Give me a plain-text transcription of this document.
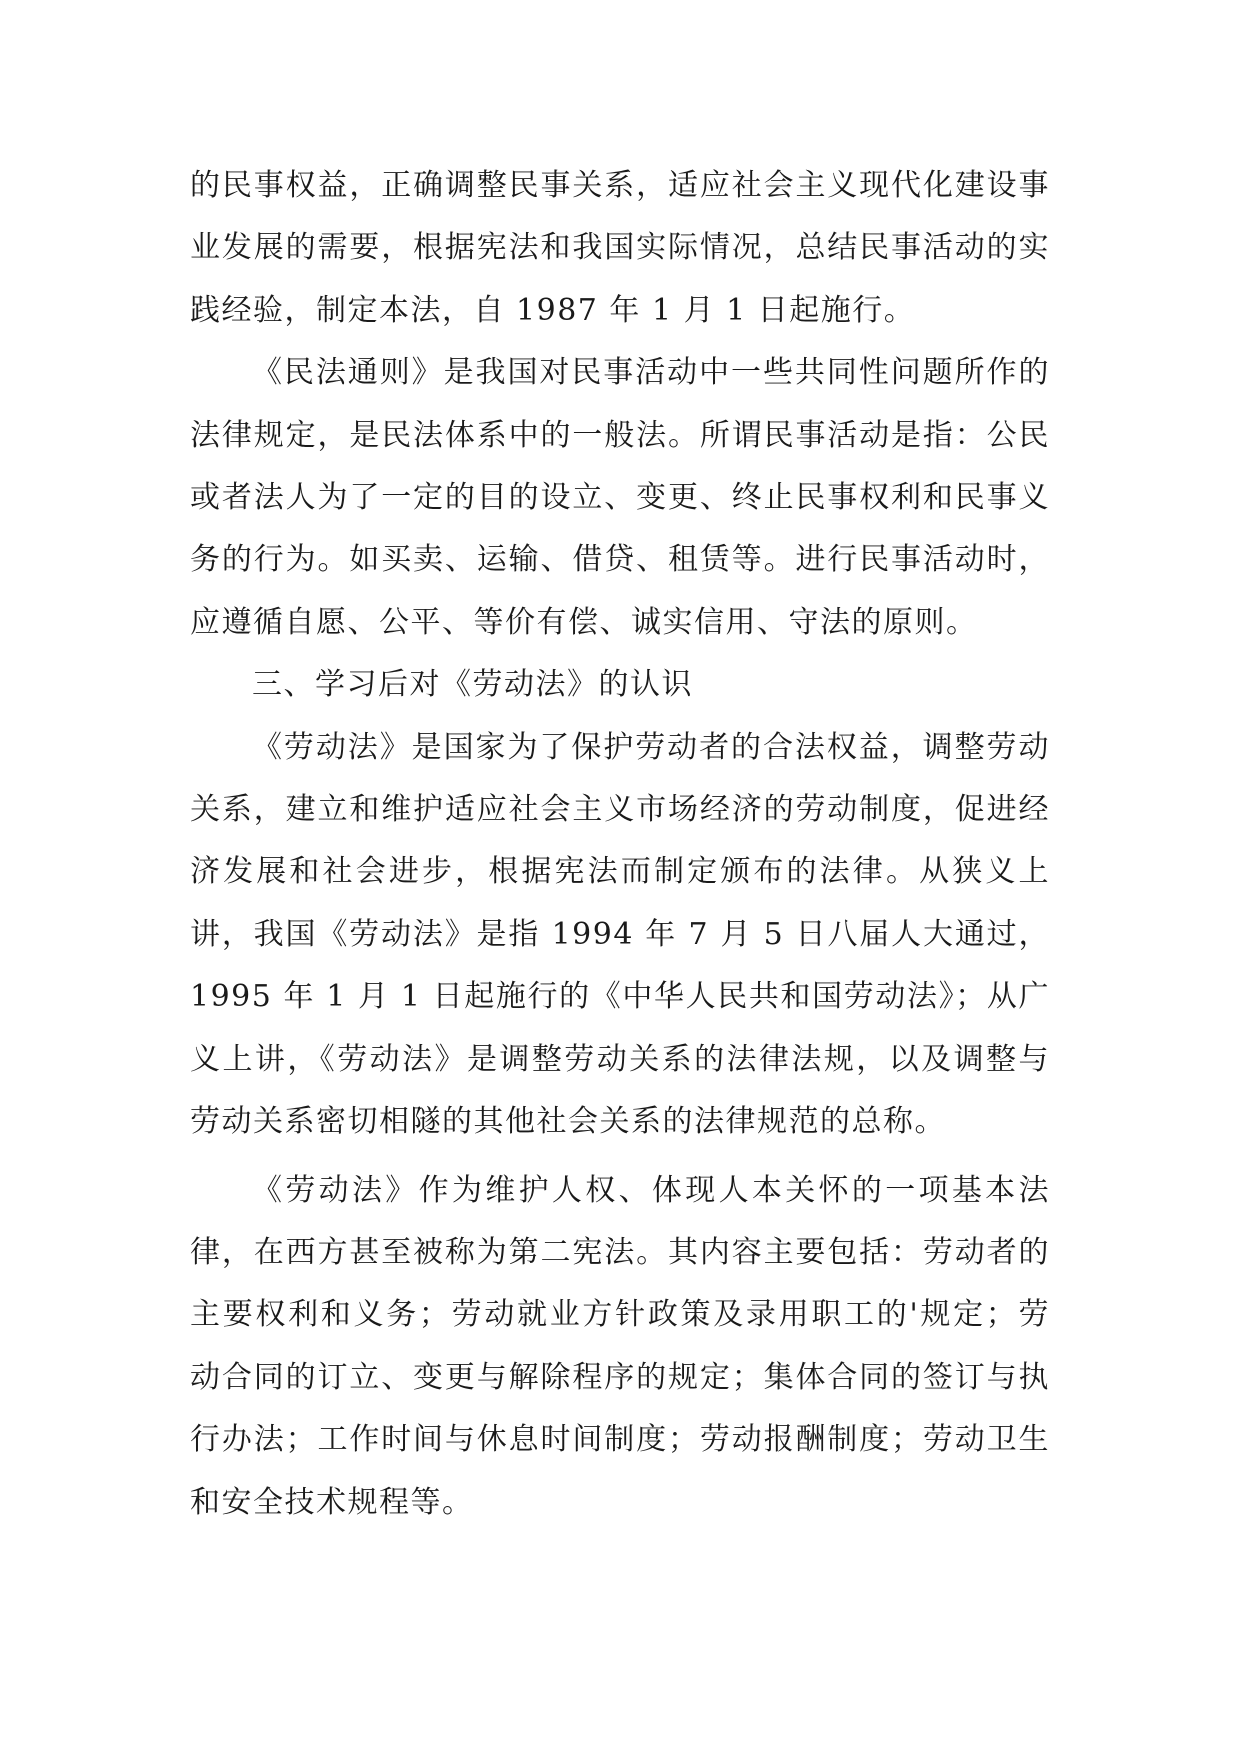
的民事权益，正确调整民事关系，适应社会主义现代化建设事业发展的需要，根据宪法和我国实际情况，总结民事活动的实践经验，制定本法，自 1987 年 1 月 1 日起施行。

《民法通则》是我国对民事活动中一些共同性问题所作的法律规定，是民法体系中的一般法。所谓民事活动是指：公民或者法人为了一定的目的设立、变更、终止民事权利和民事义务的行为。如买卖、运输、借贷、租赁等。进行民事活动时，应遵循自愿、公平、等价有偿、诚实信用、守法的原则。

三、学习后对《劳动法》的认识

《劳动法》是国家为了保护劳动者的合法权益，调整劳动关系，建立和维护适应社会主义市场经济的劳动制度，促进经济发展和社会进步，根据宪法而制定颁布的法律。从狭义上讲，我国《劳动法》是指 1994 年 7 月 5 日八届人大通过，1995 年 1 月 1 日起施行的《中华人民共和国劳动法》；从广义上讲，《劳动法》是调整劳动关系的法律法规，以及调整与劳动关系密切相隧的其他社会关系的法律规范的总称。

《劳动法》作为维护人权、体现人本关怀的一项基本法律，在西方甚至被称为第二宪法。其内容主要包括：劳动者的主要权利和义务；劳动就业方针政策及录用职工的'规定；劳动合同的订立、变更与解除程序的规定；集体合同的签订与执行办法；工作时间与休息时间制度；劳动报酬制度；劳动卫生和安全技术规程等。
